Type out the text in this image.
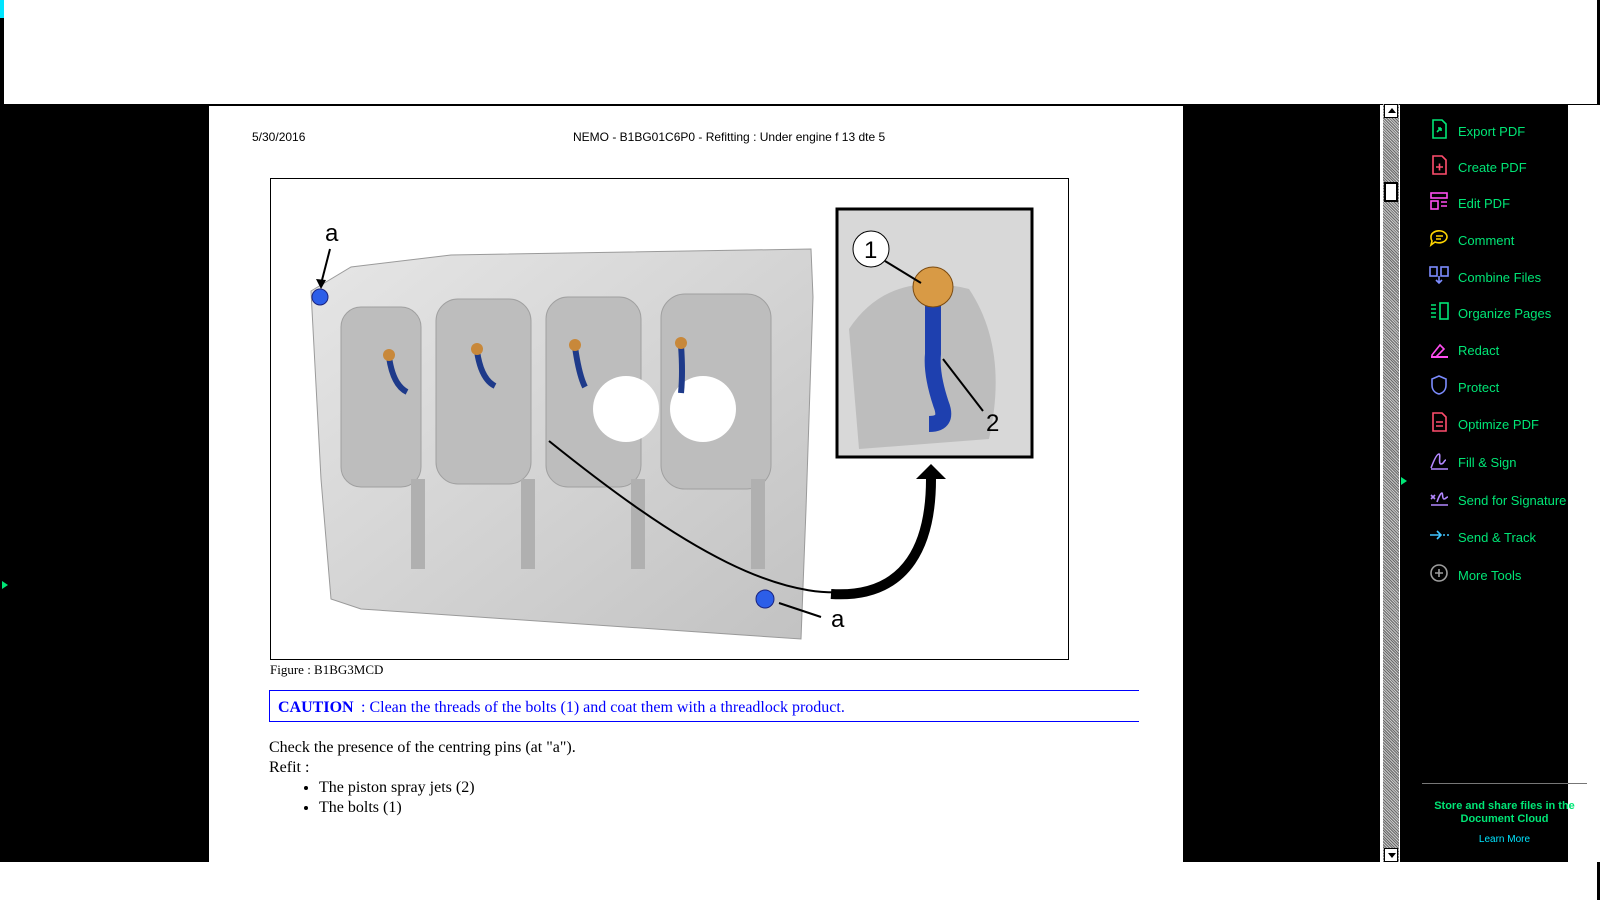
5/30/2016	NEMO - B1BG01C6P0 - Refitting : Under engine f 13 dte 5
a
a
1
2
Figure : B1BG3MCD
CAUTION : Clean the threads of the bolts (1) and coat them with a threadlock product.
Check the presence of the centring pins (at "a").
Refit :
• The piston spray jets (2)
• The bolts (1)
Export PDF
Create PDF
Edit PDF
Comment
Combine Files
Organize Pages
Redact
Protect
Optimize PDF
Fill & Sign
Send for Signature
Send & Track
More Tools
Store and share files in the Document Cloud
Learn More
